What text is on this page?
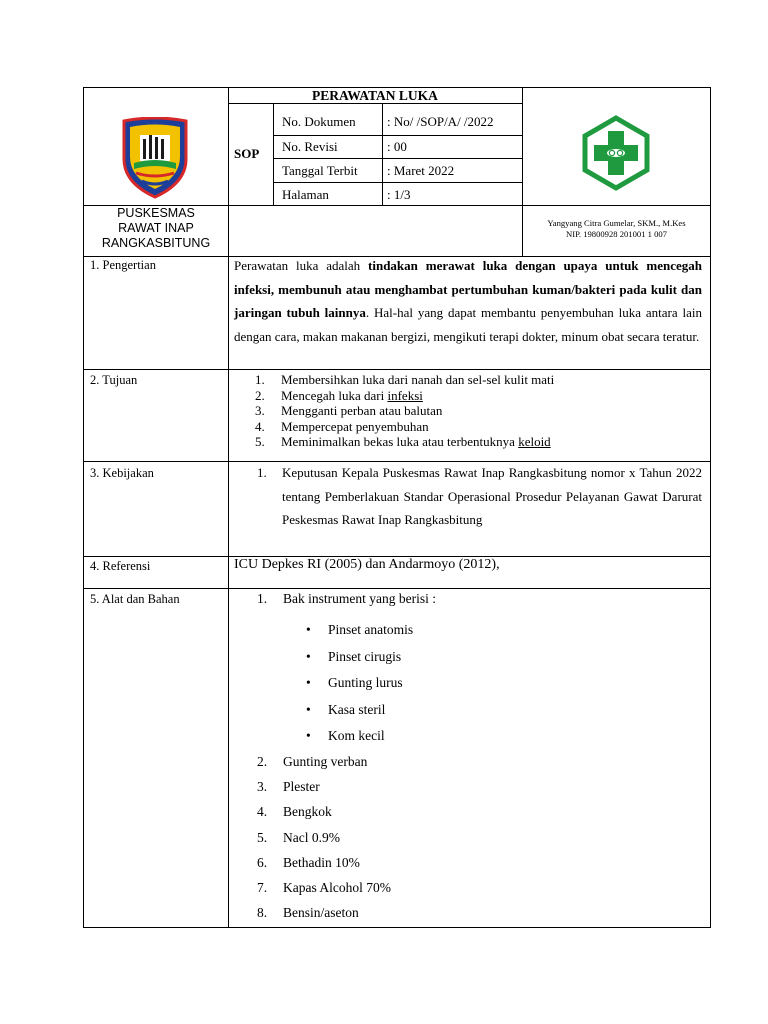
PERAWATAN LUKA
SOP
No. Dokumen : No/ /SOP/A/ /2022
No. Revisi	: 00
Tanggal Terbit : Maret 2022
Halaman	: 1/3
PUSKESMAS
RAWAT INAP
RANGKASBITUNG
Yangyang Citra Gumelar, SKM., M.Kes
NIP. 19800928 201001 1 007
1. Pengertian	Perawatan luka adalah tindakan merawat luka dengan upaya untuk mencegah infeksi, membunuh atau menghambat pertumbuhan kuman/bakteri pada kulit dan jaringan tubuh lainnya. Hal-hal yang dapat membantu penyembuhan luka antara lain dengan cara, makan makanan bergizi, mengikuti terapi dokter, minum obat secara teratur.
2. Tujuan	1. Membersihkan luka dari nanah dan sel-sel kulit mati
2. Mencegah luka dari infeksi
3. Mengganti perban atau balutan
4. Mempercepat penyembuhan
5. Meminimalkan bekas luka atau terbentuknya keloid
3. Kebijakan	1. Keputusan Kepala Puskesmas Rawat Inap Rangkasbitung nomor x Tahun 2022 tentang Pemberlakuan Standar Operasional Prosedur Pelayanan Gawat Darurat Peskesmas Rawat Inap Rangkasbitung
4. Referensi	ICU Depkes RI (2005) dan Andarmoyo (2012),
5. Alat dan Bahan	1. Bak instrument yang berisi :
• Pinset anatomis
• Pinset cirugis
• Gunting lurus
• Kasa steril
• Kom kecil
2. Gunting verban
3. Plester
4. Bengkok
5. Nacl 0.9%
6. Bethadin 10%
7. Kapas Alcohol 70%
8. Bensin/aseton
